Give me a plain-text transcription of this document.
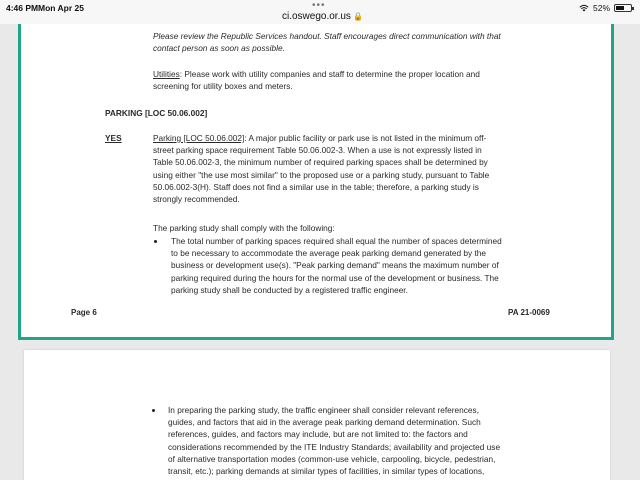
4:46 PM Mon Apr 25	•••
ci.oswego.or.us 🔒
52%
Please review the Republic Services handout. Staff encourages direct communication with that
contact person as soon as possible.
Utilities: Please work with utility companies and staff to determine the proper location and
screening for utility boxes and meters.
PARKING [LOC 50.06.002]
YES	Parking [LOC 50.06.002]: A major public facility or park use is not listed in the minimum off-
street parking space requirement Table 50.06.002-3. When a use is not expressly listed in
Table 50.06.002-3, the minimum number of required parking spaces shall be determined by
using either "the use most similar" to the proposed use or a parking study, pursuant to Table
50.06.002-3(H). Staff does not find a similar use in the table; therefore, a parking study is
strongly recommended.
The parking study shall comply with the following:
The total number of parking spaces required shall equal the number of spaces determined
to be necessary to accommodate the average peak parking demand generated by the
business or development use(s). "Peak parking demand" means the maximum number of
parking required during the hours for the normal use of the development or business. The
parking study shall be conducted by a registered traffic engineer.
Page 6	PA 21-0069
In preparing the parking study, the traffic engineer shall consider relevant references,
guides, and factors that aid in the average peak parking demand determination. Such
references, guides, and factors may include, but are not limited to: the factors and
considerations recommended by the ITE Industry Standards; availability and projected use
of alternative transportation modes (common-use vehicle, carpooling, bicycle, pedestrian,
transit, etc.); parking demands at similar types of facilities, in similar types of locations,
